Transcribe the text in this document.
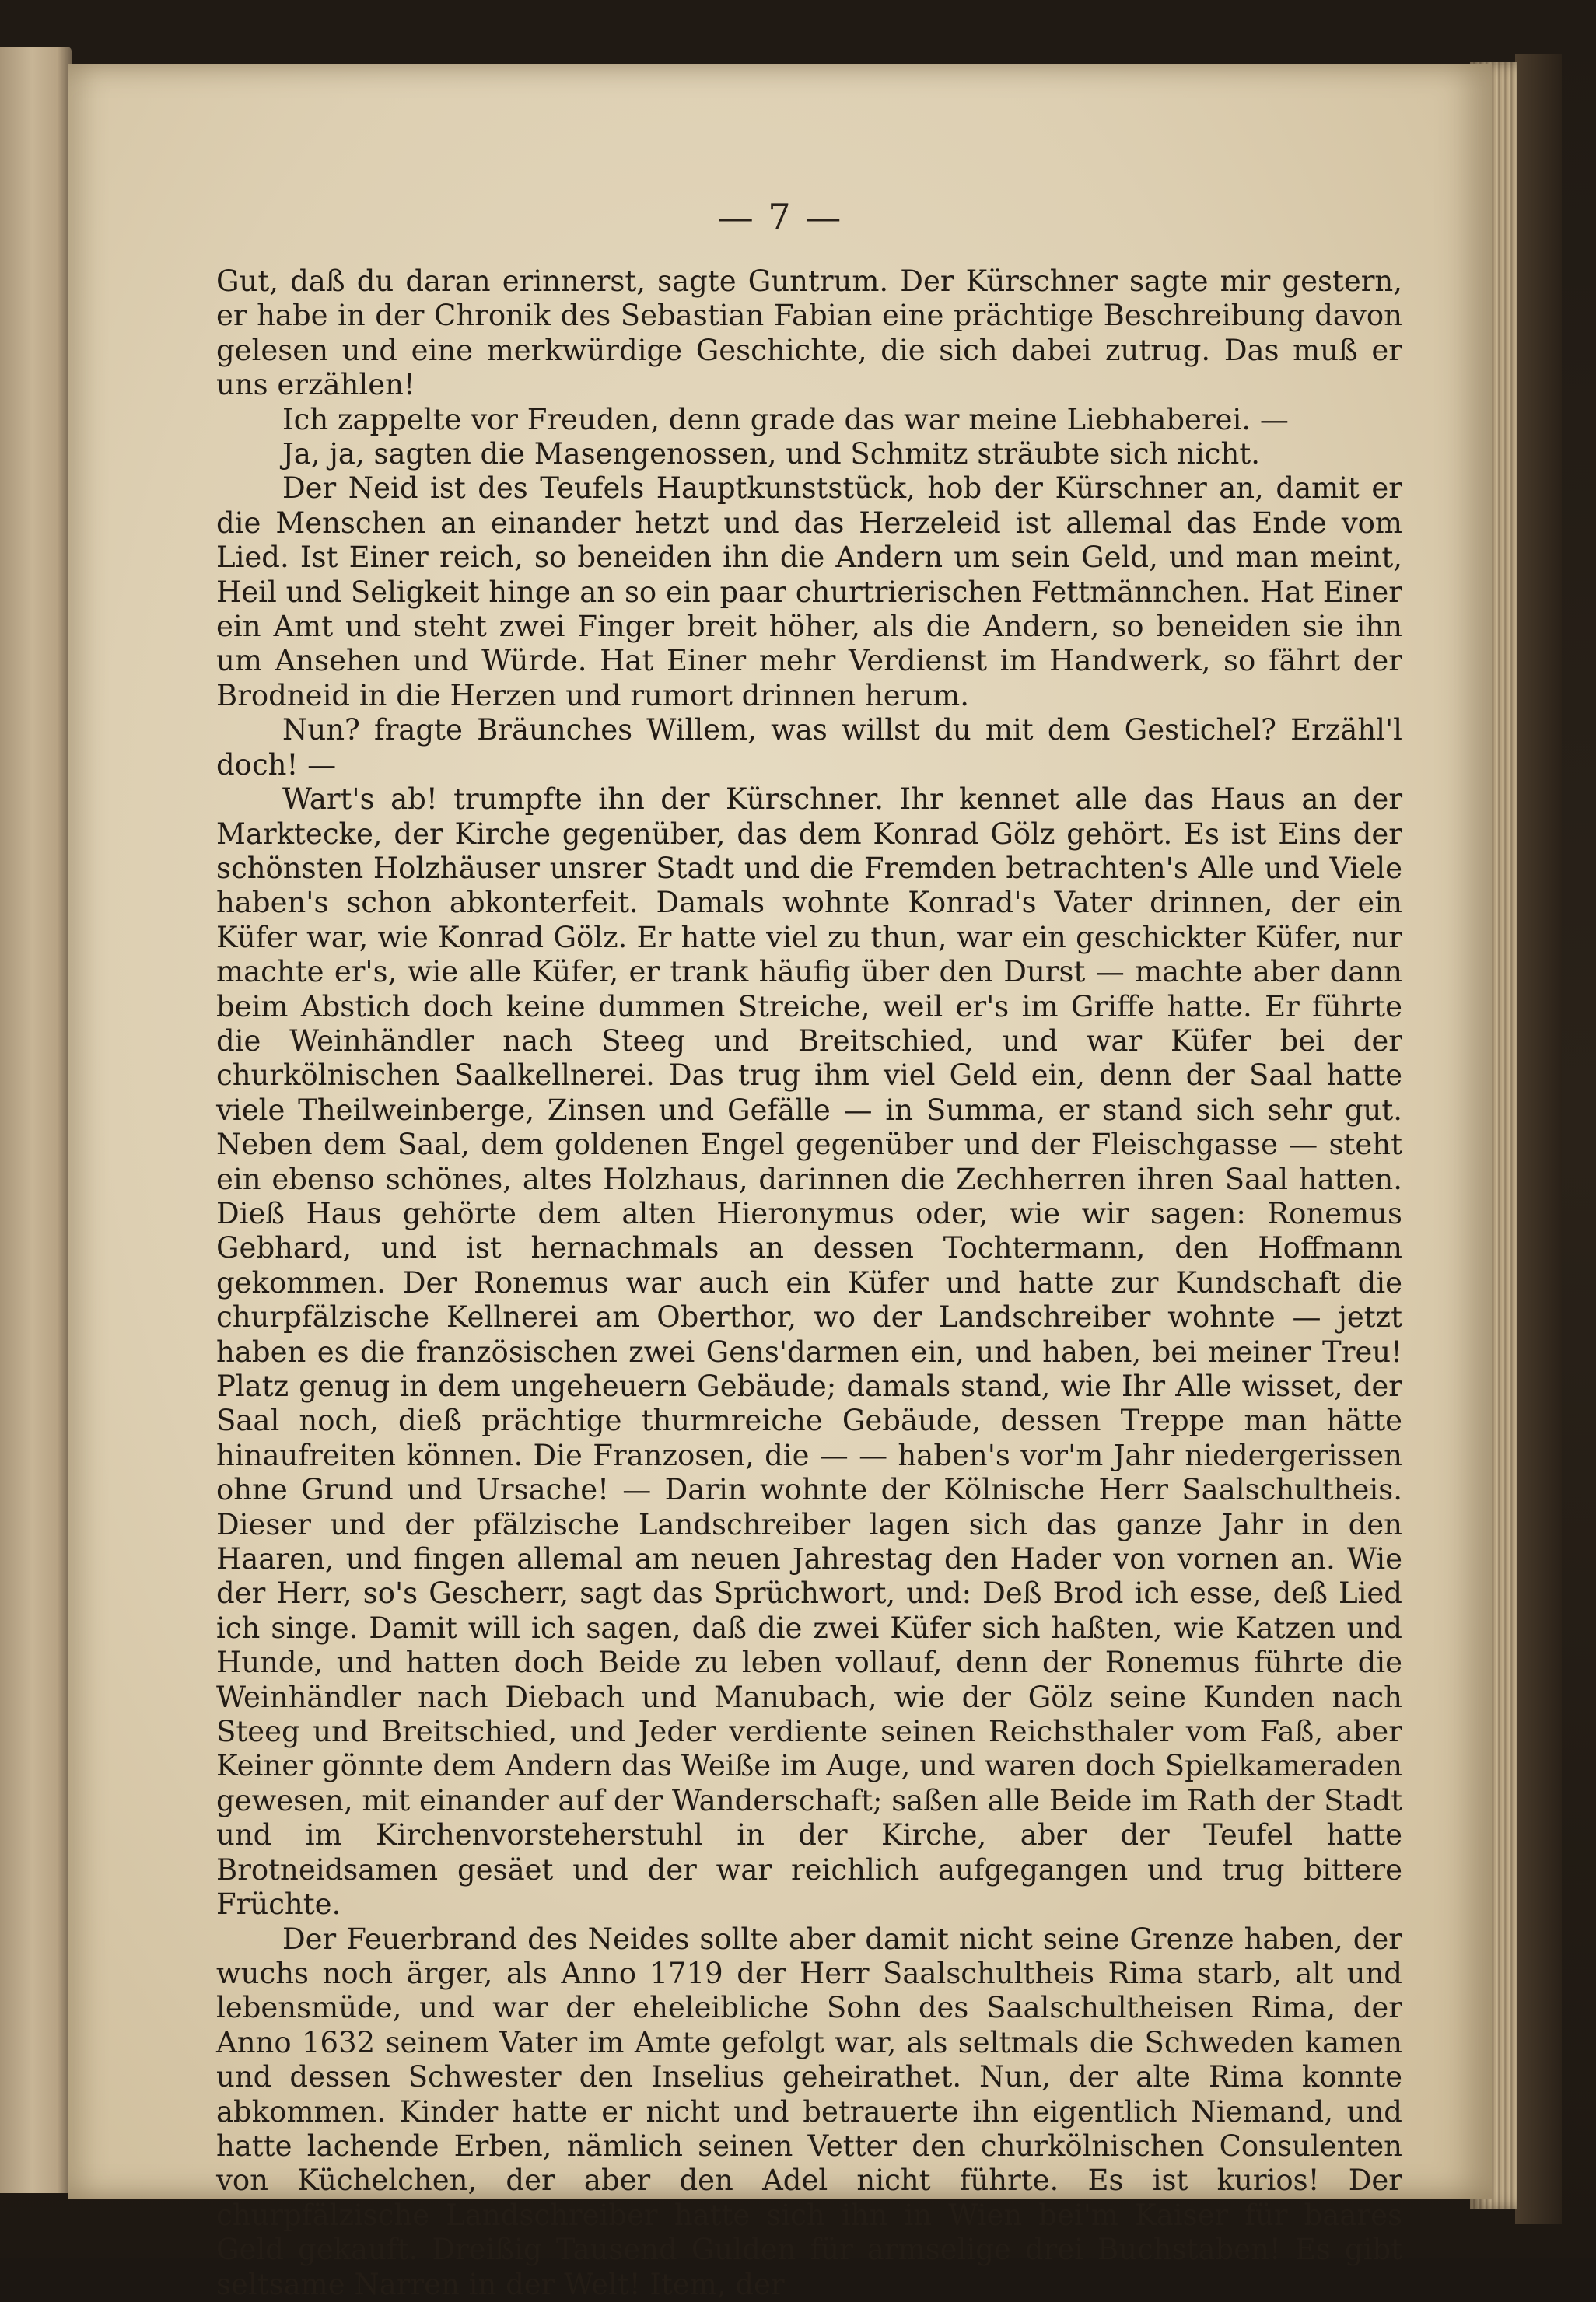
— 7 —

Gut, daß du daran erinnerst, sagte Guntrum. Der Kürschner sagte mir gestern, er habe in der Chronik des Sebastian Fabian eine prächtige Beschreibung davon gelesen und eine merkwürdige Geschichte, die sich dabei zutrug. Das muß er uns erzählen!

Ich zappelte vor Freuden, denn grade das war meine Liebhaberei. —

Ja, ja, sagten die Masengenossen, und Schmitz sträubte sich nicht.

Der Neid ist des Teufels Hauptkunststück, hob der Kürschner an, damit er die Menschen an einander hetzt und das Herzeleid ist allemal das Ende vom Lied. Ist Einer reich, so beneiden ihn die Andern um sein Geld, und man meint, Heil und Seligkeit hinge an so ein paar churtrierischen Fettmännchen. Hat Einer ein Amt und steht zwei Finger breit höher, als die Andern, so beneiden sie ihn um Ansehen und Würde. Hat Einer mehr Verdienst im Handwerk, so fährt der Brodneid in die Herzen und rumort drinnen herum.

Nun? fragte Bräunches Willem, was willst du mit dem Gestichel? Erzähl'l doch! —

Wart's ab! trumpfte ihn der Kürschner. Ihr kennet alle das Haus an der Marktecke, der Kirche gegenüber, das dem Konrad Gölz gehört. Es ist Eins der schönsten Holzhäuser unsrer Stadt und die Fremden betrachten's Alle und Viele haben's schon abkonterfeit. Damals wohnte Konrad's Vater drinnen, der ein Küfer war, wie Konrad Gölz. Er hatte viel zu thun, war ein geschickter Küfer, nur machte er's, wie alle Küfer, er trank häufig über den Durst — machte aber dann beim Abstich doch keine dummen Streiche, weil er's im Griffe hatte. Er führte die Weinhändler nach Steeg und Breitschied, und war Küfer bei der churkölnischen Saalkellnerei. Das trug ihm viel Geld ein, denn der Saal hatte viele Theilweinberge, Zinsen und Gefälle — in Summa, er stand sich sehr gut. Neben dem Saal, dem goldenen Engel gegenüber und der Fleischgasse — steht ein ebenso schönes, altes Holzhaus, darinnen die Zechherren ihren Saal hatten. Dieß Haus gehörte dem alten Hieronymus oder, wie wir sagen: Ronemus Gebhard, und ist hernachmals an dessen Tochtermann, den Hoffmann gekommen. Der Ronemus war auch ein Küfer und hatte zur Kundschaft die churpfälzische Kellnerei am Oberthor, wo der Landschreiber wohnte — jetzt haben es die französischen zwei Gens'darmen ein, und haben, bei meiner Treu! Platz genug in dem ungeheuern Gebäude; damals stand, wie Ihr Alle wisset, der Saal noch, dieß prächtige thurmreiche Gebäude, dessen Treppe man hätte hinaufreiten können. Die Franzosen, die — — haben's vor'm Jahr niedergerissen ohne Grund und Ursache! — Darin wohnte der Kölnische Herr Saalschultheis. Dieser und der pfälzische Landschreiber lagen sich das ganze Jahr in den Haaren, und fingen allemal am neuen Jahrestag den Hader von vornen an. Wie der Herr, so's Gescherr, sagt das Sprüchwort, und: Deß Brod ich esse, deß Lied ich singe. Damit will ich sagen, daß die zwei Küfer sich haßten, wie Katzen und Hunde, und hatten doch Beide zu leben vollauf, denn der Ronemus führte die Weinhändler nach Diebach und Manubach, wie der Gölz seine Kunden nach Steeg und Breitschied, und Jeder verdiente seinen Reichsthaler vom Faß, aber Keiner gönnte dem Andern das Weiße im Auge, und waren doch Spielkameraden gewesen, mit einander auf der Wanderschaft; saßen alle Beide im Rath der Stadt und im Kirchenvorsteherstuhl in der Kirche, aber der Teufel hatte Brotneidsamen gesäet und der war reichlich aufgegangen und trug bittere Früchte.

Der Feuerbrand des Neides sollte aber damit nicht seine Grenze haben, der wuchs noch ärger, als Anno 1719 der Herr Saalschultheis Rima starb, alt und lebensmüde, und war der eheleibliche Sohn des Saalschultheisen Rima, der Anno 1632 seinem Vater im Amte gefolgt war, als seltmals die Schweden kamen und dessen Schwester den Inselius geheirathet. Nun, der alte Rima konnte abkommen. Kinder hatte er nicht und betrauerte ihn eigentlich Niemand, und hatte lachende Erben, nämlich seinen Vetter den churkölnischen Consulenten von Küchelchen, der aber den Adel nicht führte. Es ist kurios! Der churpfälzische Landschreiber hatte sich ihn in Wien bei'm Kaiser für baares Geld gekauft. Dreißig Tausend Gulden für armselige drei Buchstaben! Es gibt seltsame Narren in der Welt! Item, der
